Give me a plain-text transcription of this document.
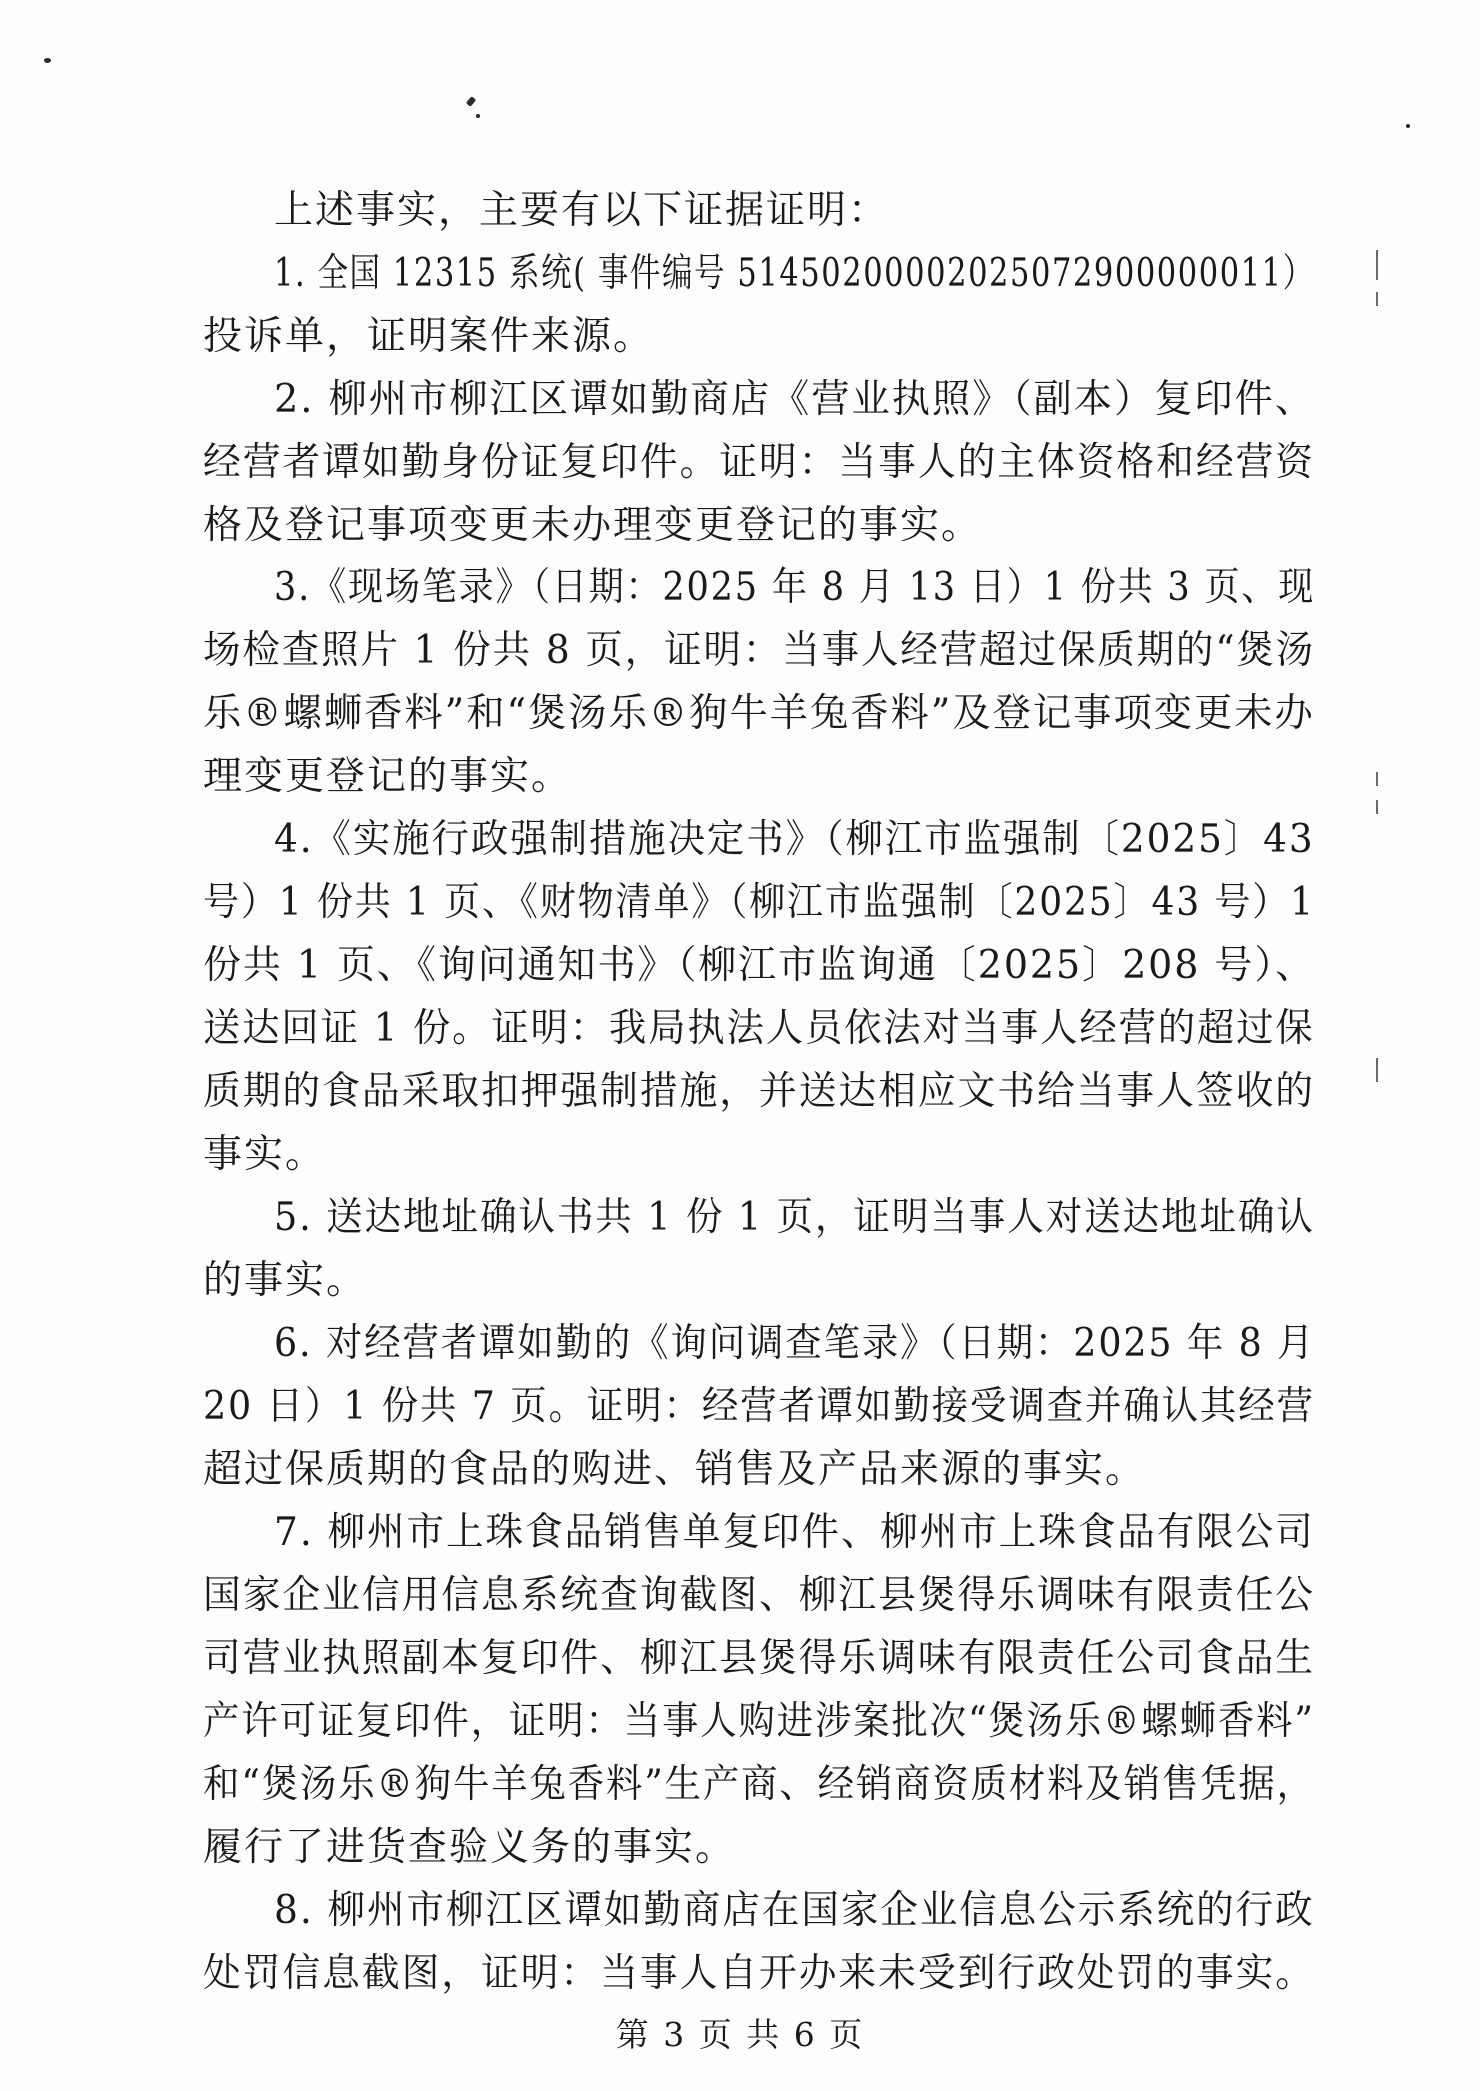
上述事实，主要有以下证据证明：
1. 全国 12315 系统( 事件编号 51450200002025072900000011）
投诉单，证明案件来源。
2. 柳州市柳江区谭如勤商店《营业执照》（副本）复印件、
经营者谭如勤身份证复印件。证明：当事人的主体资格和经营资
格及登记事项变更未办理变更登记的事实。
3.《现场笔录》（日期：2025 年 8 月 13 日）1 份共 3 页、现
场检查照片 1 份共 8 页，证明：当事人经营超过保质期的“煲汤
乐®螺蛳香料”和“煲汤乐®狗牛羊兔香料”及登记事项变更未办
理变更登记的事实。
4.《实施行政强制措施决定书》（柳江市监强制〔2025〕43
号）1 份共 1 页、《财物清单》（柳江市监强制〔2025〕43 号）1
份共 1 页、《询问通知书》（柳江市监询通〔2025〕208 号）、
送达回证 1 份。证明：我局执法人员依法对当事人经营的超过保
质期的食品采取扣押强制措施，并送达相应文书给当事人签收的
事实。
5. 送达地址确认书共 1 份 1 页，证明当事人对送达地址确认
的事实。
6. 对经营者谭如勤的《询问调查笔录》（日期：2025 年 8 月
20 日）1 份共 7 页。证明：经营者谭如勤接受调查并确认其经营
超过保质期的食品的购进、销售及产品来源的事实。
7. 柳州市上珠食品销售单复印件、柳州市上珠食品有限公司
国家企业信用信息系统查询截图、柳江县煲得乐调味有限责任公
司营业执照副本复印件、柳江县煲得乐调味有限责任公司食品生
产许可证复印件，证明：当事人购进涉案批次“煲汤乐®螺蛳香料”
和“煲汤乐®狗牛羊兔香料”生产商、经销商资质材料及销售凭据，
履行了进货查验义务的事实。
8. 柳州市柳江区谭如勤商店在国家企业信息公示系统的行政
处罚信息截图，证明：当事人自开办来未受到行政处罚的事实。
第 3 页 共 6 页
